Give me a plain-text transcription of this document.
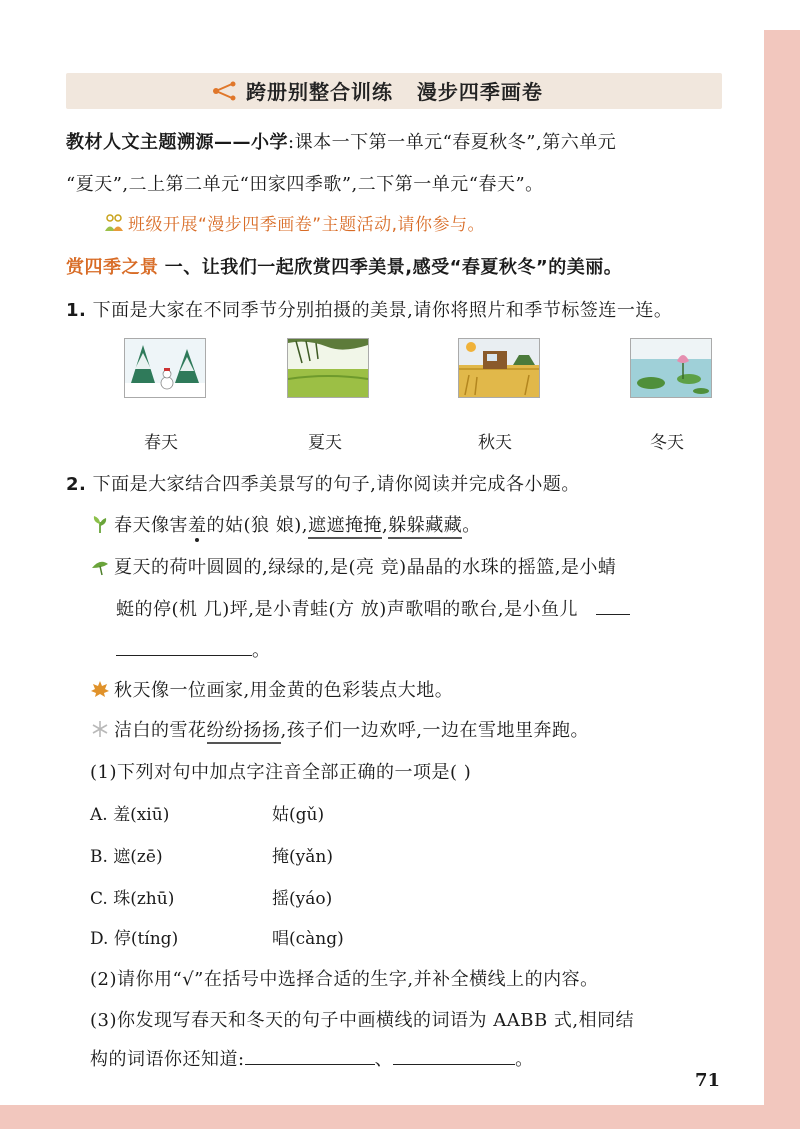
跨册别整合训练   漫步四季画卷
教材人文主题溯源——小学:课本一下第一单元“春夏秋冬”,第六单元
“夏天”,二上第二单元“田家四季歌”,二下第一单元“春天”。
班级开展“漫步四季画卷”主题活动,请你参与。
赏四季之景 一、让我们一起欣赏四季美景,感受“春夏秋冬”的美丽。
1. 下面是大家在不同季节分别拍摄的美景,请你将照片和季节标签连一连。
春天	夏天	秋天	冬天
2. 下面是大家结合四季美景写的句子,请你阅读并完成各小题。
春天像害羞的姑(狼 娘),遮遮掩掩,躲躲藏藏。
夏天的荷叶圆圆的,绿绿的,是(亮 竞)晶晶的水珠的摇篮,是小蜻
蜓的停(机 几)坪,是小青蛙(方 放)声歌唱的歌台,是小鱼儿
。
秋天像一位画家,用金黄的色彩装点大地。
洁白的雪花纷纷扬扬,孩子们一边欢呼,一边在雪地里奔跑。
(1)下列对句中加点字注音全部正确的一项是( )
A. 羞(xiū)	姑(gǔ)
B. 遮(zē)	掩(yǎn)
C. 珠(zhū)	摇(yáo)
D. 停(tíng)	唱(càng)
(2)请你用“√”在括号中选择合适的生字,并补全横线上的内容。
(3)你发现写春天和冬天的句子中画横线的词语为 AABB 式,相同结
构的词语你还知道:	、	。
71
